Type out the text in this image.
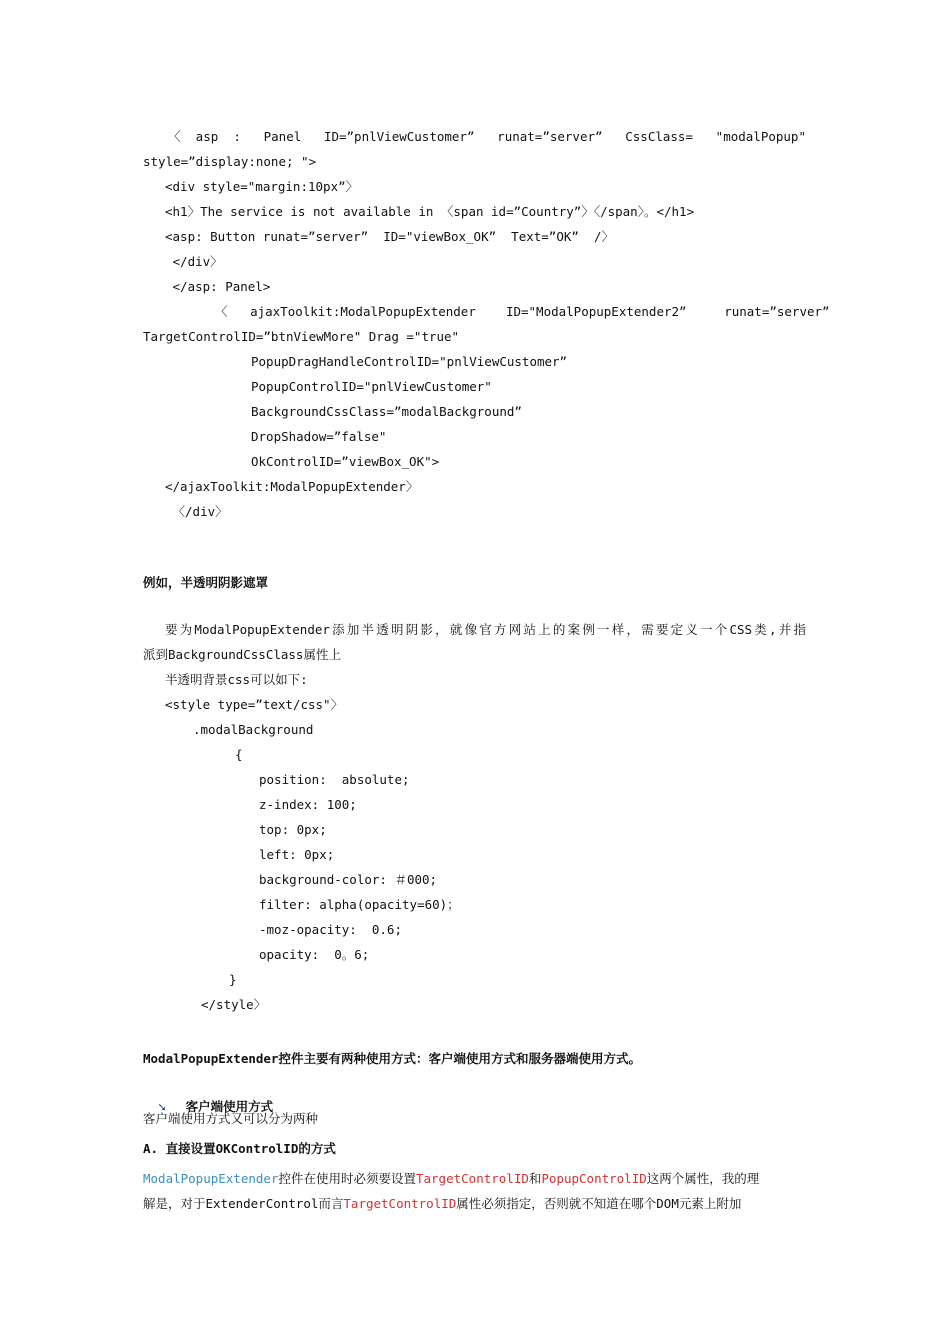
〈  asp  :   Panel   ID=”pnlViewCustomer”   runat=”server”   CssClass=   "modalPopup"
style=”display:none; ">
<div style="margin:10px”〉
<h1〉The service is not available in 〈span id=”Country”〉〈/span〉。</h1>
<asp: Button runat=”server”  ID="viewBox_OK”  Text=”OK”  /〉
</div〉
</asp: Panel>
〈   ajaxToolkit:ModalPopupExtender    ID="ModalPopupExtender2”     runat=”server”
TargetControlID=”btnViewMore" Drag ="true"
PopupDragHandleControlID="pnlViewCustomer”
PopupControlID="pnlViewCustomer"
BackgroundCssClass=”modalBackground”
DropShadow=”false"
OkControlID=”viewBox_OK">
</ajaxToolkit:ModalPopupExtender〉
〈/div〉
例如，半透明阴影遮罩
要为ModalPopupExtender添加半透明阴影，就像官方网站上的案例一样，需要定义一个CSS类,并指
派到BackgroundCssClass属性上
半透明背景css可以如下:
<style type=”text/css"〉
.modalBackground
{
position:  absolute;
z-index: 100;
top: 0px;
left: 0px;
background-color: ＃000;
filter: alpha(opacity=60)；
-moz-opacity:  0.6;
opacity:  0。6;
}
</style〉
ModalPopupExtender控件主要有两种使用方式：客户端使用方式和服务器端使用方式。

➘ 客户端使用方式

客户端使用方式又可以分为两种
A. 直接设置OKControlID的方式
ModalPopupExtender控件在使用时必须要设置TargetControlID和PopupControlID这两个属性，我的理
解是，对于ExtenderControl而言TargetControlID属性必须指定，否则就不知道在哪个DOM元素上附加
